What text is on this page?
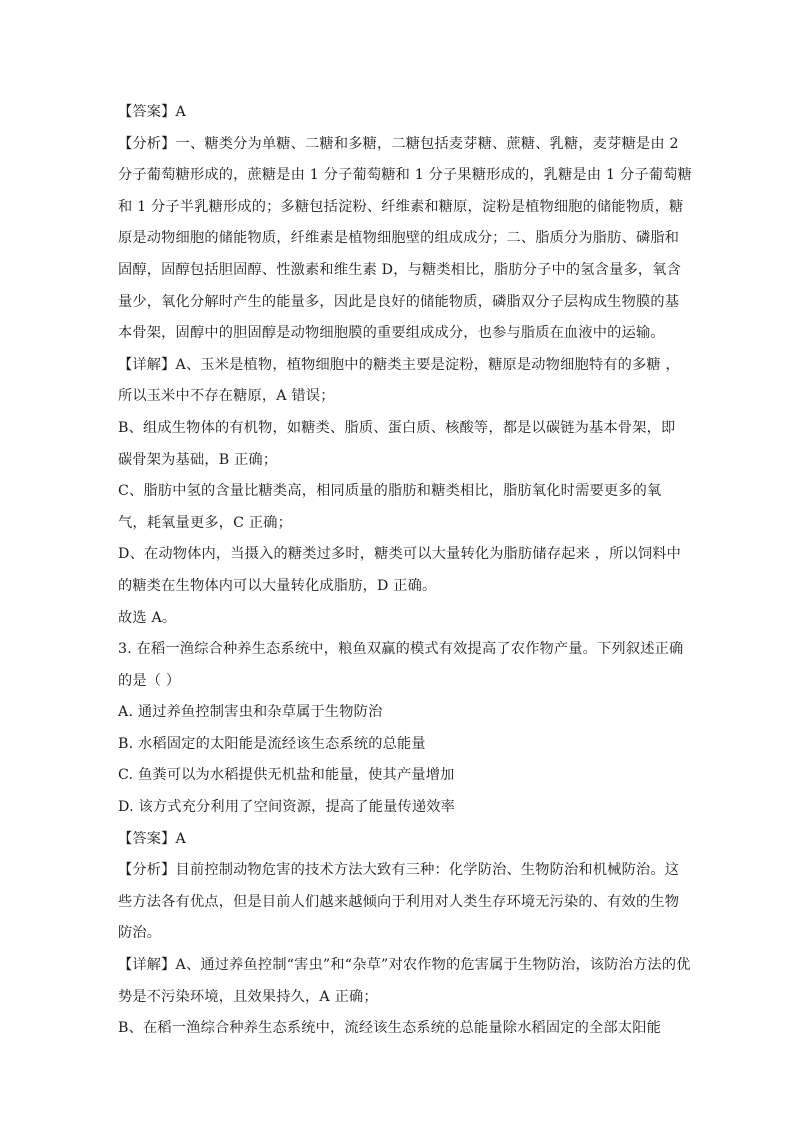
【答案】A
【分析】一、糖类分为单糖、二糖和多糖，二糖包括麦芽糖、蔗糖、乳糖，麦芽糖是由 2
分子葡萄糖形成的，蔗糖是由 1 分子葡萄糖和 1 分子果糖形成的，乳糖是由 1 分子葡萄糖
和 1 分子半乳糖形成的；多糖包括淀粉、纤维素和糖原，淀粉是植物细胞的储能物质，糖
原是动物细胞的储能物质，纤维素是植物细胞壁的组成成分；二、脂质分为脂肪、磷脂和
固醇，固醇包括胆固醇、性激素和维生素 D，与糖类相比，脂肪分子中的氢含量多，氧含
量少，氧化分解时产生的能量多，因此是良好的储能物质，磷脂双分子层构成生物膜的基
本骨架，固醇中的胆固醇是动物细胞膜的重要组成成分，也参与脂质在血液中的运输。
【详解】A、玉米是植物，植物细胞中的糖类主要是淀粉，糖原是动物细胞特有的多糖 ，
所以玉米中不存在糖原，A 错误；
B、组成生物体的有机物，如糖类、脂质、蛋白质、核酸等，都是以碳链为基本骨架，即
碳骨架为基础，B 正确；
C、脂肪中氢的含量比糖类高，相同质量的脂肪和糖类相比，脂肪氧化时需要更多的氧
气，耗氧量更多，C 正确；
D、在动物体内，当摄入的糖类过多时，糖类可以大量转化为脂肪储存起来 ，所以饲料中
的糖类在生物体内可以大量转化成脂肪，D 正确。
故选 A。
3. 在稻一渔综合种养生态系统中，粮鱼双赢的模式有效提高了农作物产量。下列叙述正确
的是（ ）
A. 通过养鱼控制害虫和杂草属于生物防治
B. 水稻固定的太阳能是流经该生态系统的总能量
C. 鱼粪可以为水稻提供无机盐和能量，使其产量增加
D. 该方式充分利用了空间资源，提高了能量传递效率
【答案】A
【分析】目前控制动物危害的技术方法大致有三种：化学防治、生物防治和机械防治。这
些方法各有优点，但是目前人们越来越倾向于利用对人类生存环境无污染的、有效的生物
防治。
【详解】A、通过养鱼控制“害虫”和“杂草”对农作物的危害属于生物防治，该防治方法的优
势是不污染环境，且效果持久，A 正确；
B、在稻一渔综合种养生态系统中，流经该生态系统的总能量除水稻固定的全部太阳能
